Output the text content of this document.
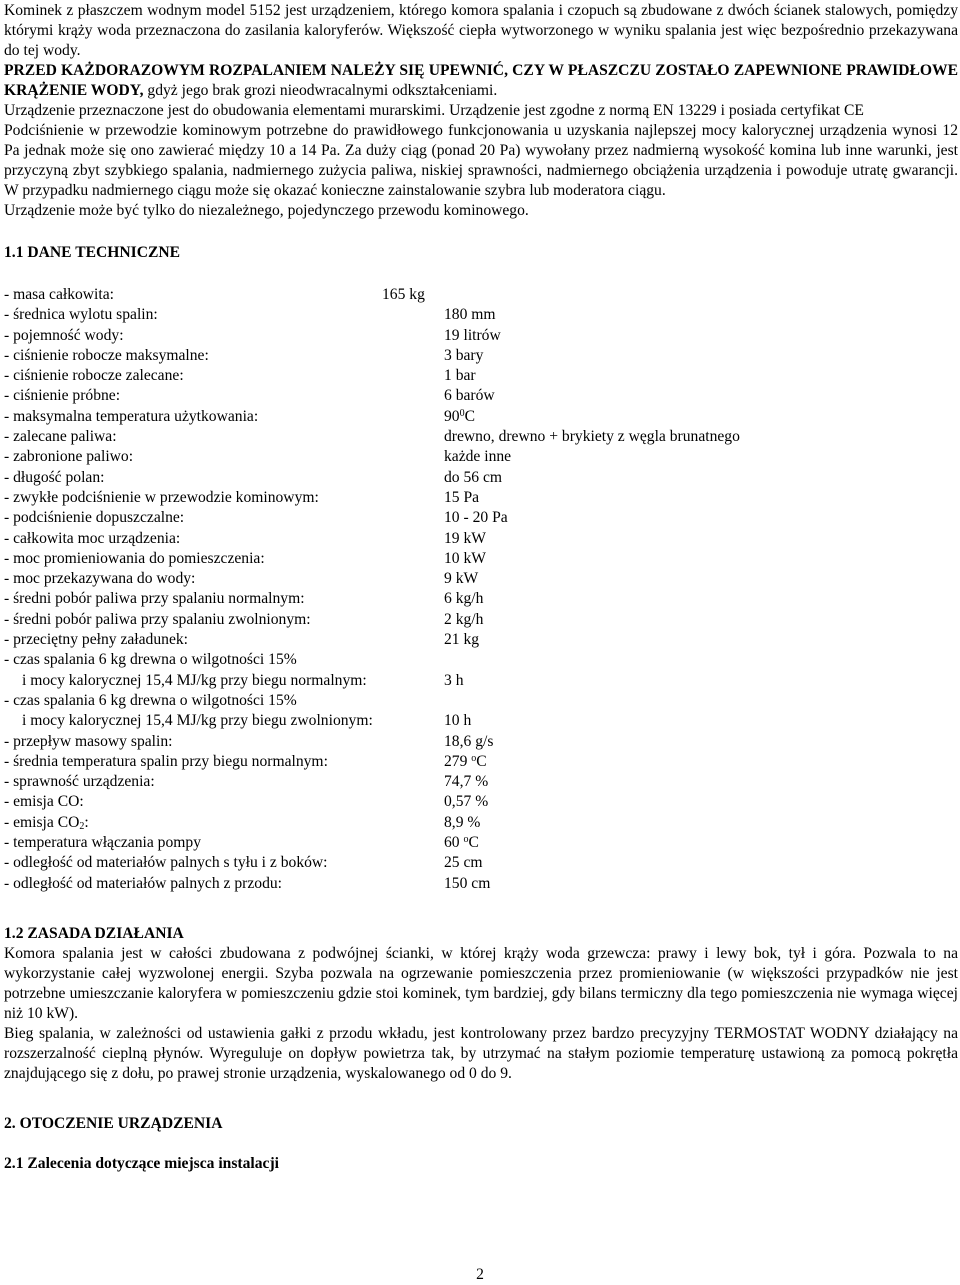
Kominek z płaszczem wodnym model 5152 jest urządzeniem, którego komora spalania i czopuch są zbudowane z dwóch ścianek stalowych, pomiędzy którymi krąży woda przeznaczona do zasilania kaloryferów. Większość ciepła wytworzonego w wyniku spalania jest więc bezpośrednio przekazywana do tej wody.

PRZED KAŻDORAZOWYM ROZPALANIEM NALEŻY SIĘ UPEWNIĆ, CZY W PŁASZCZU ZOSTAŁO ZAPEWNIONE PRAWIDŁOWE KRĄŻENIE WODY, gdyż jego brak grozi nieodwracalnymi odkształceniami.

Urządzenie przeznaczone jest do obudowania elementami murarskimi. Urządzenie jest zgodne z normą EN 13229 i posiada certyfikat CE

Podciśnienie w przewodzie kominowym potrzebne do prawidłowego funkcjonowania u uzyskania najlepszej mocy kalorycznej urządzenia wynosi 12 Pa jednak może się ono zawierać między 10 a 14 Pa. Za duży ciąg (ponad 20 Pa) wywołany przez nadmierną wysokość komina lub inne warunki, jest przyczyną zbyt szybkiego spalania, nadmiernego zużycia paliwa, niskiej sprawności, nadmiernego obciążenia urządzenia i powoduje utratę gwarancji. W przypadku nadmiernego ciągu może się okazać konieczne zainstalowanie szybra lub moderatora ciągu.

Urządzenie może być tylko do niezależnego, pojedynczego przewodu kominowego.

1.1 DANE TECHNICZNE

- masa całkowita:	165 kg
- średnica wylotu spalin:	180 mm
- pojemność wody:	19 litrów
- ciśnienie robocze maksymalne:	3 bary
- ciśnienie robocze zalecane:	1 bar
- ciśnienie próbne:	6 barów
- maksymalna temperatura użytkowania:	$90^0C$
- zalecane paliwa:	drewno, drewno + brykiety z węgla brunatnego
- zabronione paliwo:	każde inne
- długość polan:	do 56 cm
- zwykłe podciśnienie w przewodzie kominowym:	15 Pa
- podciśnienie dopuszczalne:	10 - 20 Pa
- całkowita moc urządzenia:	19 kW
- moc promieniowania do pomieszczenia:	10 kW
- moc przekazywana do wody:	9 kW
- średni pobór paliwa przy spalaniu normalnym:	6 kg/h
- średni pobór paliwa przy spalaniu zwolnionym:	2 kg/h
- przeciętny pełny załadunek:	21 kg
- czas spalania 6 kg drewna o wilgotności 15%
i mocy kalorycznej 15,4 MJ/kg przy biegu normalnym:	3 h
- czas spalania 6 kg drewna o wilgotności 15%
i mocy kalorycznej 15,4 MJ/kg przy biegu zwolnionym:	10 h
- przepływ masowy spalin:	18,6 g/s
- średnia temperatura spalin przy biegu normalnym:	279 $^o$C
- sprawność urządzenia:	74,7 %
- emisja CO:	0,57 %
- emisja $CO_2$:	8,9 %
- temperatura włączania pompy	60 $^o$C
- odległość od materiałów palnych s tyłu i z boków:	25 cm
- odległość od materiałów palnych z przodu:	150 cm

1.2 ZASADA DZIAŁANIA

Komora spalania jest w całości zbudowana z podwójnej ścianki, w której krąży woda grzewcza: prawy i lewy bok, tył i góra. Pozwala to na wykorzystanie całej wyzwolonej energii. Szyba pozwala na ogrzewanie pomieszczenia przez promieniowanie (w większości przypadków nie jest potrzebne umieszczanie kaloryfera w pomieszczeniu gdzie stoi kominek, tym bardziej, gdy bilans termiczny dla tego pomieszczenia nie wymaga więcej niż 10 kW).

Bieg spalania, w zależności od ustawienia gałki z przodu wkładu, jest kontrolowany przez bardzo precyzyjny TERMOSTAT WODNY działający na rozszerzalność cieplną płynów. Wyreguluje on dopływ powietrza tak, by utrzymać na stałym poziomie temperaturę ustawioną za pomocą pokrętła znajdującego się z dołu, po prawej stronie urządzenia, wyskalowanego od 0 do 9.

2. OTOCZENIE URZĄDZENIA

2.1 Zalecenia dotyczące miejsca instalacji

2
